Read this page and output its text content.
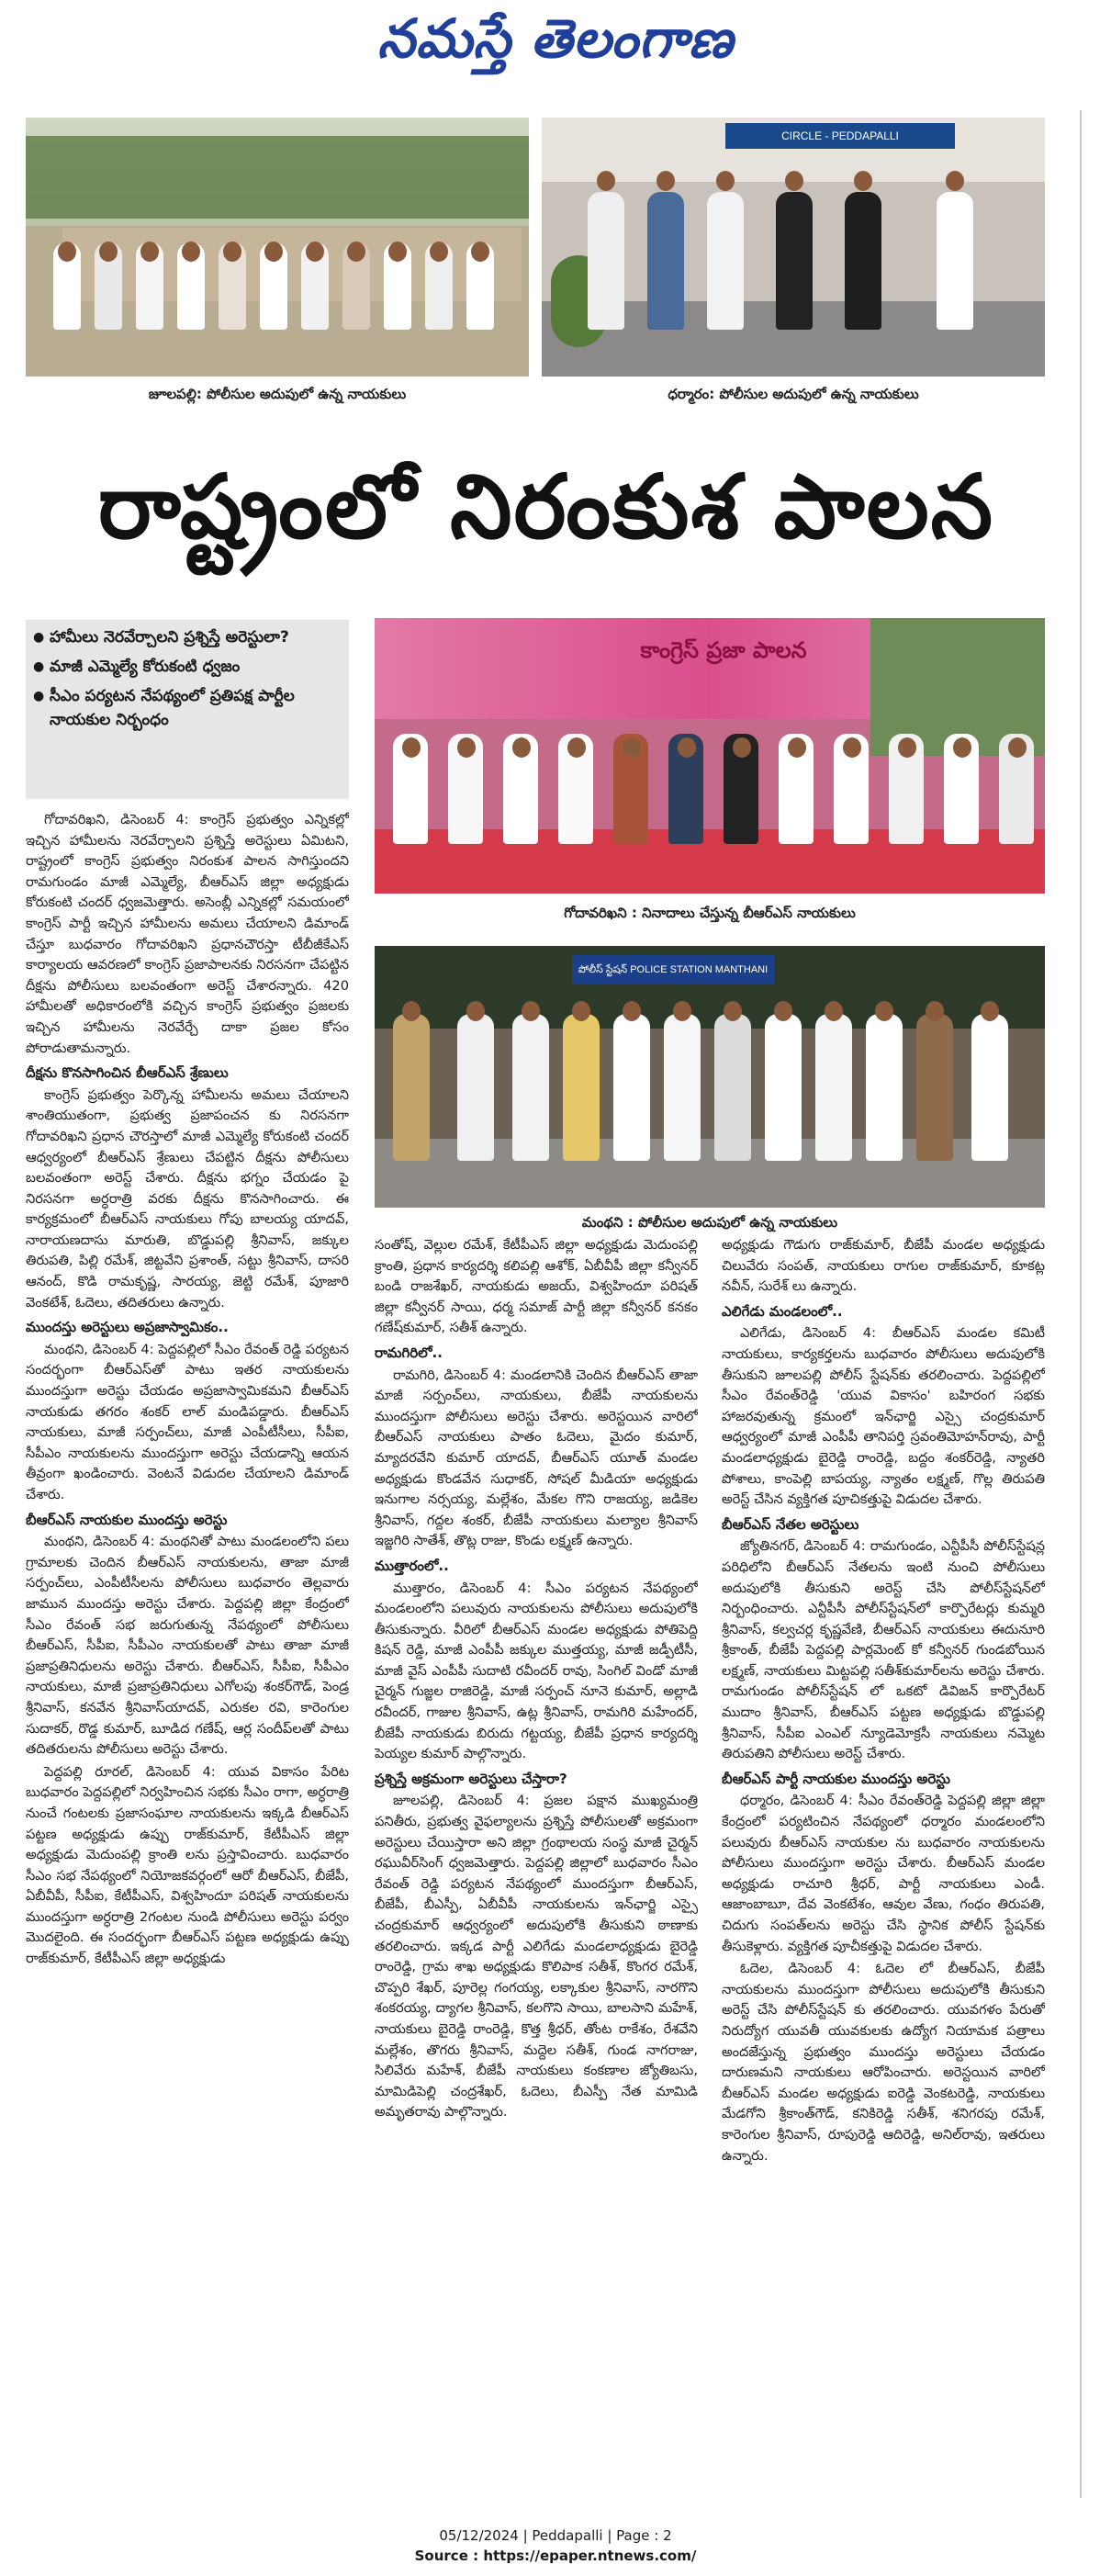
నమస్తే తెలంగాణ
జూలపల్లి: పోలీసుల అదుపులో ఉన్న నాయకులు
CIRCLE - PEDDAPALLI
ధర్మారం: పోలీసుల అదుపులో ఉన్న నాయకులు
రాష్ట్రంలో నిరంకుశ పాలన
● హామీలు నెరవేర్చాలని ప్రశ్నిస్తే అరెస్టులా?
● మాజీ ఎమ్మెల్యే కోరుకంటి ధ్వజం
● సీఎం పర్యటన నేపథ్యంలో ప్రతిపక్ష పార్టీల నాయకుల నిర్బంధం
కాంగ్రెస్ ప్రజా పాలన
గోదావరిఖని : నినాదాలు చేస్తున్న బీఆర్‌ఎస్ నాయకులు
పోలీస్ స్టేషన్ POLICE STATION MANTHANI
మంథని : పోలీసుల అదుపులో ఉన్న నాయకులు

గోదావరిఖని, డిసెంబర్ 4: కాంగ్రెస్ ప్రభుత్వం ఎన్నికల్లో ఇచ్చిన హామీలను నెరవేర్చాలని ప్రశ్నిస్తే అరెస్టులు ఏమిటని, రాష్ట్రంలో కాంగ్రెస్ ప్రభుత్వం నిరంకుశ పాలన సాగిస్తుందని రామగుండం మాజీ ఎమ్మెల్యే, బీఆర్‌ఎస్ జిల్లా అధ్యక్షుడు కోరుకంటి చందర్ ధ్వజమెత్తారు. అసెంబ్లీ ఎన్నికల్లో సమయంలో కాంగ్రెస్ పార్టీ ఇచ్చిన హామీలను అమలు చేయాలని డిమాండ్ చేస్తూ బుధవారం గోదావరిఖని ప్రధానచౌరస్తా టీబీజీకేఎస్ కార్యాలయ ఆవరణలో కాంగ్రెస్ ప్రజాపాలనకు నిరసనగా చేపట్టిన దీక్షను పోలీసులు బలవంతంగా అరెస్ట్ చేశారన్నారు. 420 హామీలతో అధికారంలోకి వచ్చిన కాంగ్రెస్ ప్రభుత్వం ప్రజలకు ఇచ్చిన హామీలను నెరవేర్చే దాకా ప్రజల కోసం పోరాడుతామన్నారు.

దీక్షను కొనసాగించిన బీఆర్‌ఎస్ శ్రేణులు

కాంగ్రెస్ ప్రభుత్వం పెర్కొన్న హామీలను అమలు చేయాలని శాంతియుతంగా, ప్రభుత్వ ప్రజాపంచన కు నిరసనగా గోదావరిఖని ప్రధాన చౌరస్తాలో మాజీ ఎమ్మెల్యే కోరుకంటి చందర్ ఆధ్వర్యంలో బీఆర్‌ఎస్ శ్రేణులు చేపట్టిన దీక్షను పోలీసులు బలవంతంగా అరెస్ట్ చేశారు. దీక్షను భగ్నం చేయడం పై నిరసనగా అర్ధరాత్రి వరకు దీక్షను కొనసాగించారు. ఈ కార్యక్రమంలో బీఆర్‌ఎస్ నాయకులు గోపు బాలయ్య యాదవ్, నారాయణదాసు మారుతి, బొడ్డుపల్లి శ్రీనివాస్, జక్కుల తిరుపతి, పిల్లి రమేశ్, జిట్టవేని ప్రశాంత్, సట్టు శ్రీనివాస్, దాసరి ఆనంద్, కొడి రామకృష్ణ, సారయ్య, జెట్టి రమేశ్, పూజారి వెంకటేశ్, ఓదెలు, తదితరులు ఉన్నారు.

ముందస్తు అరెస్టులు అప్రజాస్వామికం..

మంథని, డిసెంబర్ 4: పెద్దపల్లిలో సీఎం రేవంత్ రెడ్డి పర్యటన సందర్భంగా బీఆర్‌ఎస్‌తో పాటు ఇతర నాయకులను ముందస్తుగా అరెస్టు చేయడం అప్రజాస్వామికమని బీఆర్‌ఎస్ నాయకుడు తగరం శంకర్ లాల్ మండిపడ్డారు. బీఆర్‌ఎస్ నాయకులు, మాజీ సర్పంచ్‌లు, మాజీ ఎంపీటీసీలు, సీపీఐ, సీపీఎం నాయకులను ముందస్తుగా అరెస్టు చేయడాన్ని ఆయన తీవ్రంగా ఖండించారు. వెంటనే విడుదల చేయాలని డిమాండ్ చేశారు.

బీఆర్‌ఎస్ నాయకుల ముందస్తు అరెస్టు

మంథని, డిసెంబర్ 4: మంథనితో పాటు మండలంలోని పలు గ్రామాలకు చెందిన బీఆర్‌ఎస్ నాయకులను, తాజా మాజీ సర్పంచ్‌లు, ఎంపీటీసీలను పోలీసులు బుధవారం తెల్లవారు జామున ముందస్తు అరెస్టు చేశారు. పెద్దపల్లి జిల్లా కేంద్రంలో సీఎం రేవంత్ సభ జరుగుతున్న నేపథ్యంలో పోలీసులు బీఆర్‌ఎస్, సీపీఐ, సీపీఎం నాయకులతో పాటు తాజా మాజీ ప్రజాప్రతినిధులను అరెస్టు చేశారు. బీఆర్‌ఎస్, సీపీఐ, సీపీఎం నాయకులు, మాజీ ప్రజాప్రతినిధులు ఎగోలపు శంకర్‌గౌడ్, పెండ్ర శ్రీనివాస్, కనవేన శ్రీనివాస్‌యాదవ్, ఎరుకల రవి, కారెంగుల సుదాకర్, రొడ్డ కుమార్, బూడిద గణేష్, ఆర్ల సందీప్‌లతో పాటు తదితరులను పోలీసులు అరెస్టు చేశారు.

పెద్దపల్లి రూరల్, డిసెంబర్ 4: యువ వికాసం పేరిట బుధవారం పెద్దపల్లిలో నిర్వహించిన సభకు సీఎం రాగా, అర్ధరాత్రి నుంచే గంటలకు ప్రజాసంఘాల నాయకులను ఇక్కడి బీఆర్‌ఎస్ పట్టణ అధ్యక్షుడు ఉప్పు రాజ్‌కుమార్, కేటీపీఎస్ జిల్లా అధ్యక్షుడు మెదుంపల్లి క్రాంతి లను ప్రస్తావించారు. బుధవారం సీఎం సభ నేపథ్యంలో నియోజకవర్గంలో ఆరో బీఆర్‌ఎస్, బీజేపీ, ఏబీవీపీ, సీపీఐ, కేటీపీఎస్, విశ్వహిందూ పరిషత్ నాయకులను ముందస్తుగా అర్ధరాత్రి 2గంటల నుండి పోలీసులు అరెస్టు పర్వం మొదలైంది. ఈ సందర్భంగా బీఆర్‌ఎస్ పట్టణ అధ్యక్షుడు ఉప్పు రాజ్‌కుమార్, కేటీపీఎస్ జిల్లా అధ్యక్షుడు

సంతోష్, వెల్లుల రమేశ్, కేటీపీఎస్ జిల్లా అధ్యక్షుడు మెదుంపల్లి క్రాంతి, ప్రధాన కార్యదర్శి కలిపల్లి ఆశోక్, ఏబీవీపీ జిల్లా కన్వీనర్ బండి రాజశేఖర్, నాయకుడు అజయ్, విశ్వహిందూ పరిషత్ జిల్లా కన్వీనర్ సాయి, ధర్మ సమాజ్ పార్టీ జిల్లా కన్వీనర్ కనకం గణేష్‌కుమార్, సతీశ్ ఉన్నారు.

రామగిరిలో..

రామగిరి, డిసెంబర్ 4: మండలానికి చెందిన బీఆర్‌ఎస్ తాజా మాజీ సర్పంచ్‌లు, నాయకులు, బీజేపీ నాయకులను ముందస్తుగా పోలీసులు అరెస్టు చేశారు. అరెస్టయిన వారిలో బీఆర్‌ఎస్ నాయకులు పాతం ఓదెలు, మైదం కుమార్, మ్యాదరవేని కుమార్ యాదవ్, బీఆర్‌ఎస్ యూత్ మండల అధ్యక్షుడు కొండవేన సుధాకర్, సోషల్ మీడియా అధ్యక్షుడు ఇనుగాల నర్సయ్య, మల్లేశం, మేకల గొని రాజయ్య, జడికెల శ్రీనివాస్, గద్దల శంకర్, బీజేపీ నాయకులు మల్యాల శ్రీనివాస్ ఇజ్జగిరి సాతేశ్, తొట్ల రాజు, కొండు లక్ష్మణ్ ఉన్నారు.

ముత్తారంలో..

ముత్తారం, డిసెంబర్ 4: సీఎం పర్యటన నేపథ్యంలో మండలంలోని పలువురు నాయకులను పోలీసులు అదుపులోకి తీసుకున్నారు. వీరిలో బీఆర్‌ఎస్ మండల అధ్యక్షుడు పోతిపెద్ది కిషన్ రెడ్డి, మాజీ ఎంపీపీ జక్కుల ముత్తయ్య, మాజీ జడ్పీటీసీ, మాజీ వైస్ ఎంపీపీ సుదాటి రవీందర్ రావు, సింగిల్ విండో మాజీ చైర్మన్ గుజ్జల రాజిరెడ్డి, మాజీ సర్పంచ్ నూనె కుమార్, అల్లాడి రవీందర్, గాజుల శ్రీనివాస్, ఉట్ల శ్రీనివాస్, రామగిరి మహేందర్, బీజేపీ నాయకుడు బిరుదు గట్టయ్య, బీజేపీ ప్రధాన కార్యదర్శి పెయ్యల కుమార్ పాల్గొన్నారు.

ప్రశ్నిస్తే అక్రమంగా అరెస్టులు చేస్తారా?

జూలపల్లి, డిసెంబర్ 4: ప్రజల పక్షాన ముఖ్యమంత్రి పనితీరు, ప్రభుత్వ వైఫల్యాలను ప్రశ్నిస్తే పోలీసులతో అక్రమంగా అరెస్టులు చేయిస్తారా అని జిల్లా గ్రంథాలయ సంస్థ మాజీ చైర్మన్ రఘువీర్‌సింగ్ ధ్వజమెత్తారు. పెద్దపల్లి జిల్లాలో బుధవారం సీఎం రేవంత్ రెడ్డి పర్యటన నేపథ్యంలో ముందస్తుగా బీఆర్‌ఎస్, బీజేపీ, బీఎస్పీ, ఏబీవీపీ నాయకులను ఇన్‌ఛార్జి ఎస్సై చంద్రకుమార్ ఆధ్వర్యంలో అదుపులోకి తీసుకుని ఠాణాకు తరలించారు. ఇక్కడ పార్టీ ఎలిగేడు మండలాధ్యక్షుడు బైరెడ్డి రాంరెడ్డి, గ్రామ శాఖ అధ్యక్షుడు కొలిపాక సతీశ్, కొంగర రమేశ్, చొప్పరి శేఖర్, పూరెల్ల గంగయ్య, లక్కాకుల శ్రీనివాస్, నారగొని శంకరయ్య, ద్యాగల శ్రీనివాస్, కలగొని సాయి, బాలసాని మహేశ్, నాయకులు బైరెడ్డి రాంరెడ్డి, కొత్త శ్రీధర్, తోంట రాకేశం, రేశవేని మల్లేశం, తొగరు శ్రీనివాస్, మద్దెల సతీశ్, గుండ నాగరాజు, సిలివేరు మహేశ్, బీజేపీ నాయకులు కంకణాల జ్యోతిబసు, మామిడిపెల్లి చంద్రశేఖర్, ఓదెలు, బీఎస్పీ నేత మామిడి అమృతరావు పాల్గొన్నారు.

అధ్యక్షుడు గౌడుగు రాజ్‌కుమార్, బీజేపీ మండల అధ్యక్షుడు చిలువేరు సంపత్, నాయకులు రాగుల రాజ్‌కుమార్, కూకట్ల నవీన్, సురేశ్ లు ఉన్నారు.

ఎలిగేడు మండలంలో..

ఎలిగేడు, డిసెంబర్ 4: బీఆర్‌ఎస్ మండల కమిటీ నాయకులు, కార్యకర్తలను బుధవారం పోలీసులు అదుపులోకి తీసుకుని జూలపల్లి పోలీస్ స్టేషన్‌కు తరలించారు. పెద్దపల్లిలో సీఎం రేవంత్‌రెడ్డి 'యువ వికాసం' బహిరంగ సభకు హాజరవుతున్న క్రమంలో ఇన్‌ఛార్జి ఎస్సై చంద్రకుమార్ ఆధ్వర్యంలో మాజీ ఎంపీపీ తానిపర్తి స్రవంతిమోహన్‌రావు, పార్టీ మండలాధ్యక్షుడు బైరెడ్డి రాంరెడ్డి, బద్దం శంకర్‌రెడ్డి, న్యాతరి పోశాలు, కాంపెల్లి బాపయ్య, న్యాతం లక్ష్మణ్, గొల్ల తిరుపతి అరెస్ట్ చేసిన వ్యక్తిగత పూచికత్తుపై విడుదల చేశారు.

బీఆర్‌ఎస్ నేతల అరెస్టులు

జ్యోతినగర్, డిసెంబర్ 4: రామగుండం, ఎన్టీపీసీ పోలీస్‌స్టేషన్ల పరిధిలోని బీఆర్‌ఎస్ నేతలను ఇంటి నుంచి పోలీసులు అదుపులోకి తీసుకుని అరెస్ట్ చేసి పోలీస్‌స్టేషన్‌లో నిర్బంధించారు. ఎన్టీపీసీ పోలీస్‌స్టేషన్‌లో కార్పొరేటర్లు కుమ్మరి శ్రీనివాస్, కల్వచర్ల కృష్ణవేణి, బీఆర్‌ఎస్ నాయకులు ఈదునూరి శ్రీకాంత్, బీజేపీ పెద్దపల్లి పార్లమెంట్ కో కన్వీనర్ గుండబోయిన లక్ష్మణ్, నాయకులు మిట్టపల్లి సతీశ్‌కుమార్‌లను అరెస్టు చేశారు. రామగుండం పోలీస్‌స్టేషన్ లో ఒకటో డివిజన్ కార్పొరేటర్ ముదాం శ్రీనివాస్, బీఆర్‌ఎస్ పట్టణ అధ్యక్షుడు బొడ్డుపల్లి శ్రీనివాస్, సీపీఐ ఎంఎల్ న్యూడెమోక్రసీ నాయకులు నమ్మెట తిరుపతిని పోలీసులు అరెస్ట్ చేశారు.

బీఆర్‌ఎస్ పార్టీ నాయకుల ముందస్తు అరెస్టు

ధర్మారం, డిసెంబర్ 4: సీఎం రేవంత్‌రెడ్డి పెద్దపల్లి జిల్లా జిల్లా కేంద్రంలో పర్యటించిన నేపథ్యంలో ధర్మారం మండలంలోని పలువురు బీఆర్‌ఎస్ నాయకుల ను బుధవారం నాయకులను పోలీసులు ముందస్తుగా అరెస్టు చేశారు. బీఆర్‌ఎస్ మండల అధ్యక్షుడు రాచూరి శ్రీధర్, పార్టీ నాయకులు ఎండీ. ఆజాంబాబూ, దేవ వెంకటేశం, ఆవుల వేణు, గంధం తిరుపతి, చిదుగు సంపత్‌లను అరెస్టు చేసి స్థానిక పోలీస్ స్టేషన్‌కు తీసుకెళ్లారు. వ్యక్తిగత పూచీకత్తుపై విడుదల చేశారు.

ఓదెల, డిసెంబర్ 4: ఓదెల లో బీఆర్‌ఎస్, బీజేపీ నాయకులను ముందస్తుగా పోలీసులు అదుపులోకి తీసుకుని అరెస్ట్ చేసి పోలీస్‌స్టేషన్ కు తరలించారు. యువగళం పేరుతో నిరుద్యోగ యువతీ యువకులకు ఉద్యోగ నియామక పత్రాలు అందజేస్తున్న ప్రభుత్వం ముందస్తు అరెస్టులు చేయడం దారుణమని నాయకులు ఆరోపించారు. అరెస్టయిన వారిలో బీఆర్‌ఎస్ మండల అధ్యక్షుడు ఐరెడ్డి వెంకటరెడ్డి, నాయకులు మేడగోని శ్రీకాంత్‌గౌడ్, కనికిరెడ్డి సతీశ్, శనిగరపు రమేశ్, కారెంగుల శ్రీనివాస్, రూపురెడ్డి ఆదిరెడ్డి, అనిల్‌రావు, ఇతరులు ఉన్నారు.

05/12/2024 | Peddapalli | Page : 2
Source : https://epaper.ntnews.com/
